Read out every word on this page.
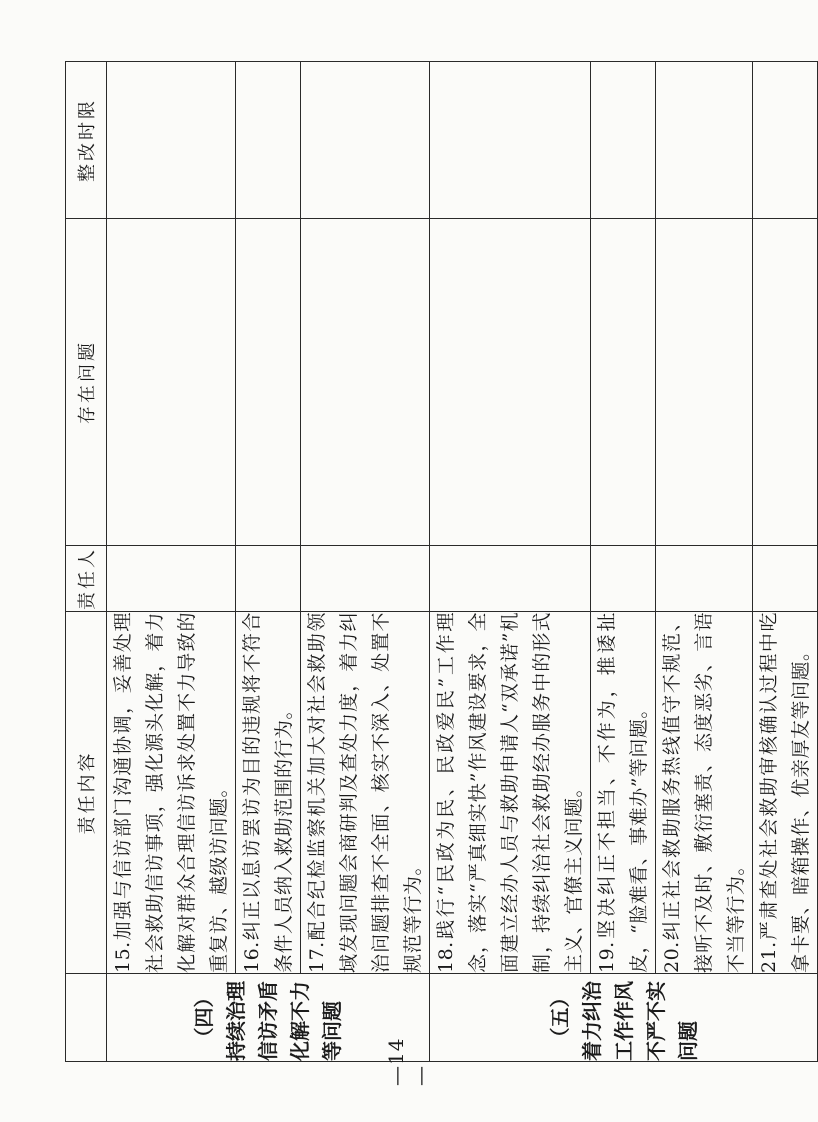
	责任内容	责任人	存在问题	整改时限

（四） 持续治理信访矛盾化解不力等问题	15.加强与信访部门沟通协调，妥善处理社会救助信访事项，强化源头化解，着力化解对群众合理信访诉求处置不力导致的重复访、越级访问题。			
	16.纠正以息访罢访为目的违规将不符合条件人员纳入救助范围的行为。			
	17.配合纪检监察机关加大对社会救助领域发现问题会商研判及查处力度，着力纠治问题排查不全面、核实不深入、处置不规范等行为。			

（五） 着力纠治工作作风不严不实问题	18.践行“民政为民、民政爱民”工作理念，落实“严真细实快”作风建设要求，全面建立经办人员与救助申请人“双承诺”机制，持续纠治社会救助经办服务中的形式主义、官僚主义问题。			
	19.坚决纠正不担当、不作为，推诿扯皮，“脸难看、事难办”等问题。			
	20.纠正社会救助服务热线值守不规范、接听不及时、敷衍塞责、态度恶劣、言语不当等行为。			
	21.严肃查处社会救助审核确认过程中吃拿卡要、暗箱操作、优亲厚友等问题。			
—14—
